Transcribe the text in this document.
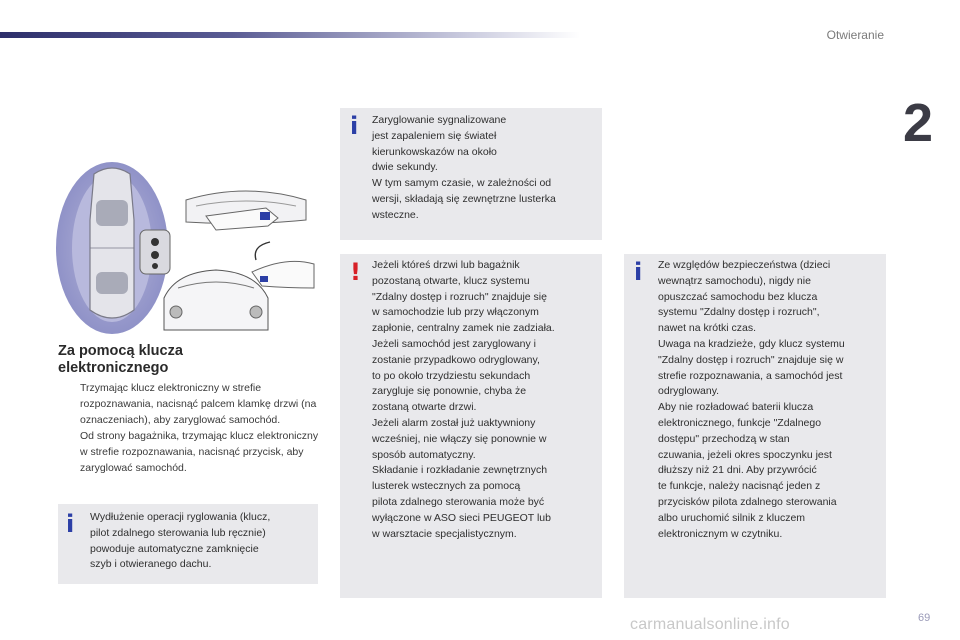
Otwieranie
2
Za pomocą klucza
elektronicznego
Trzymając klucz elektroniczny w strefie rozpoznawania, nacisnąć palcem klamkę drzwi (na oznaczeniach), aby zaryglować samochód.
Od strony bagażnika, trzymając klucz elektroniczny w strefie rozpoznawania, nacisnąć przycisk, aby zaryglować samochód.
i Wydłużenie operacji ryglowania (klucz,
pilot zdalnego sterowania lub ręcznie)
powoduje automatyczne zamknięcie
szyb i otwieranego dachu.
i Zaryglowanie sygnalizowane
jest zapaleniem się świateł
kierunkowskazów na około
dwie sekundy.
W tym samym czasie, w zależności od
wersji, składają się zewnętrzne lusterka
wsteczne.
! Jeżeli któreś drzwi lub bagażnik
pozostaną otwarte, klucz systemu
"Zdalny dostęp i rozruch" znajduje się
w samochodzie lub przy włączonym
zapłonie, centralny zamek nie zadziała.
Jeżeli samochód jest zaryglowany i
zostanie przypadkowo odryglowany,
to po około trzydziestu sekundach
zarygluje się ponownie, chyba że
zostaną otwarte drzwi.
Jeżeli alarm został już uaktywniony
wcześniej, nie włączy się ponownie w
sposób automatyczny.
Składanie i rozkładanie zewnętrznych
lusterek wstecznych za pomocą
pilota zdalnego sterowania może być
wyłączone w ASO sieci PEUGEOT lub
w warsztacie specjalistycznym.
i Ze względów bezpieczeństwa (dzieci
wewnątrz samochodu), nigdy nie
opuszczać samochodu bez klucza
systemu "Zdalny dostęp i rozruch",
nawet na krótki czas.
Uwaga na kradzieże, gdy klucz systemu
"Zdalny dostęp i rozruch" znajduje się w
strefie rozpoznawania, a samochód jest
odryglowany.
Aby nie rozładować baterii klucza
elektronicznego, funkcje "Zdalnego
dostępu" przechodzą w stan
czuwania, jeżeli okres spoczynku jest
dłuższy niż 21 dni. Aby przywrócić
te funkcje, należy nacisnąć jeden z
przycisków pilota zdalnego sterowania
albo uruchomić silnik z kluczem
elektronicznym w czytniku.
carmanualsonline.info	69
